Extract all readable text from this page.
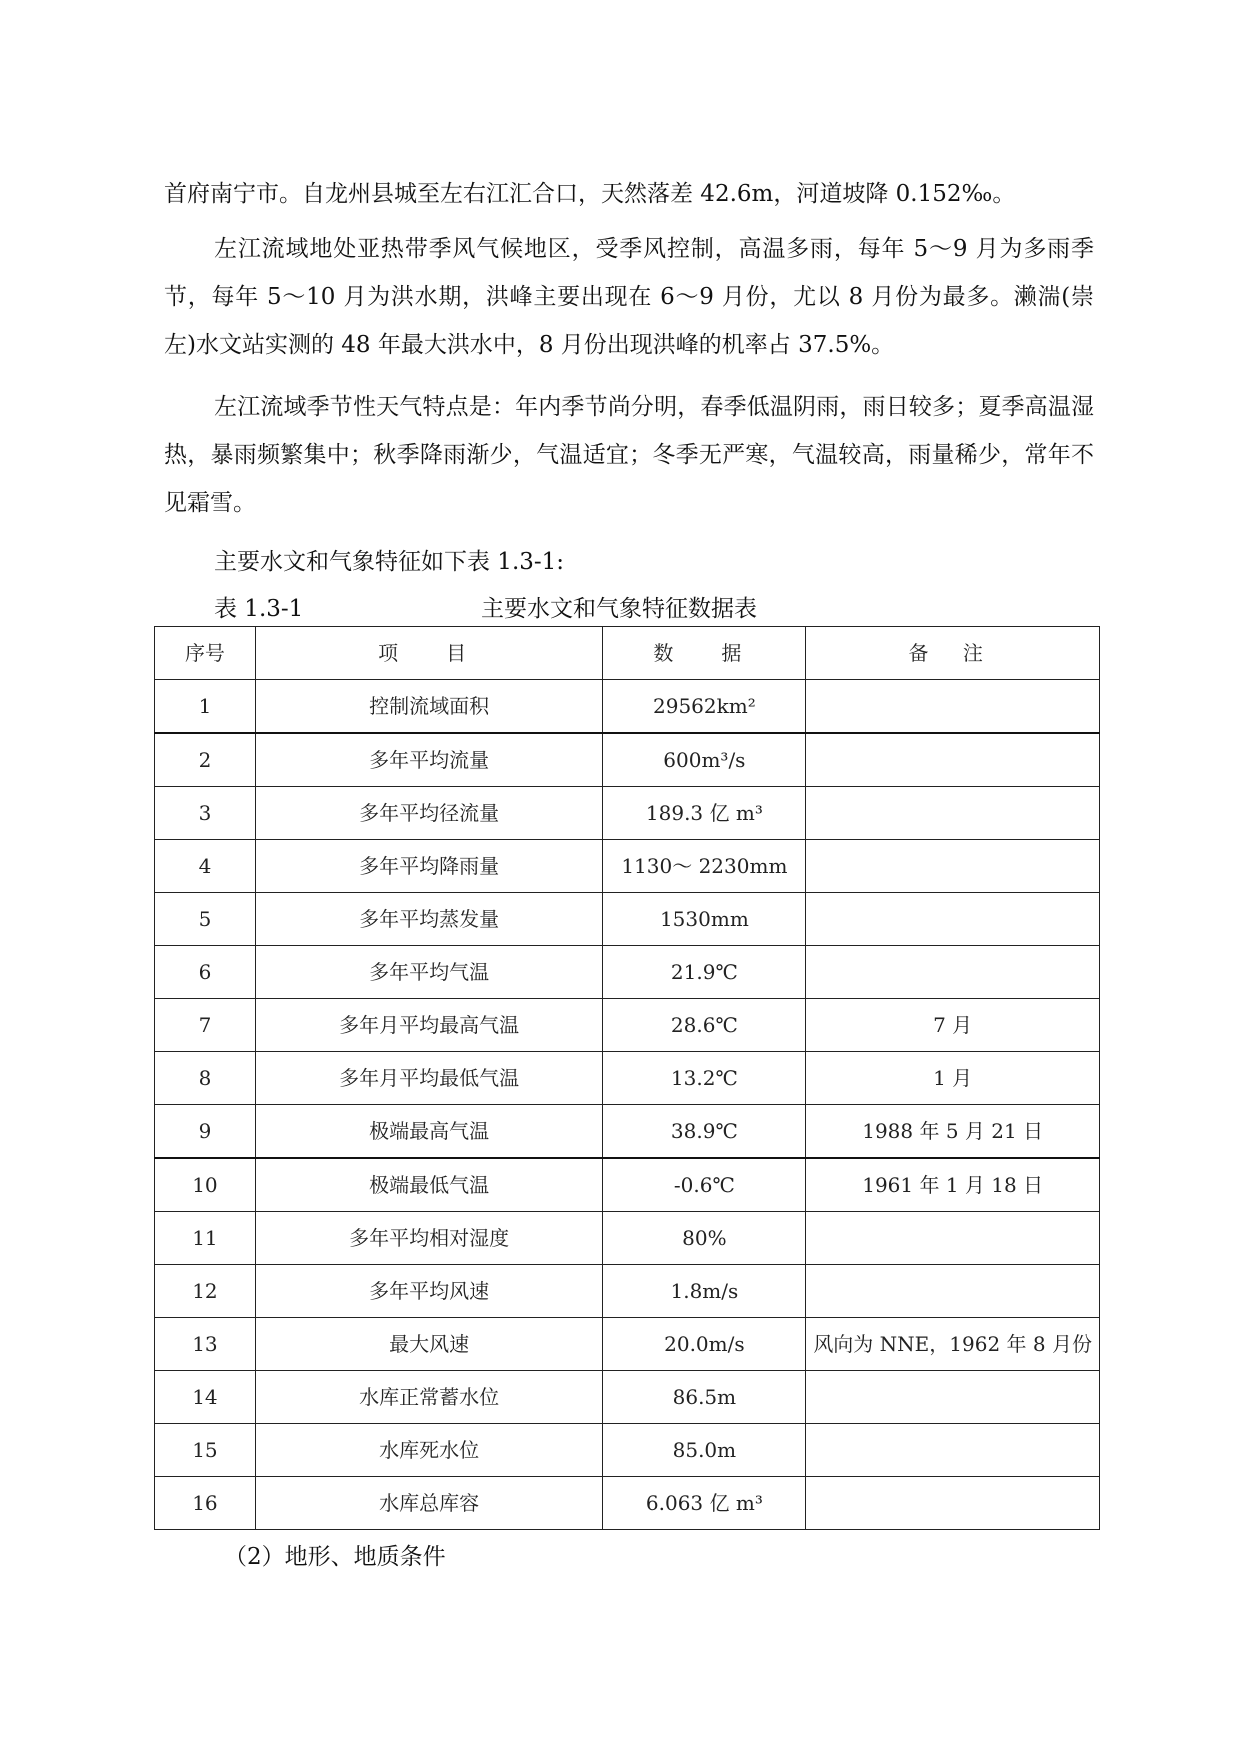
首府南宁市。自龙州县城至左右江汇合口，天然落差 42.6m，河道坡降 0.152‰。

左江流域地处亚热带季风气候地区，受季风控制，高温多雨，每年 5～9 月为多雨季节，每年 5～10 月为洪水期，洪峰主要出现在 6～9 月份，尤以 8 月份为最多。濑湍(崇左)水文站实测的 48 年最大洪水中，8 月份出现洪峰的机率占 37.5%。

左江流域季节性天气特点是：年内季节尚分明，春季低温阴雨，雨日较多；夏季高温湿热，暴雨频繁集中；秋季降雨渐少，气温适宜；冬季无严寒，气温较高，雨量稀少，常年不见霜雪。

主要水文和气象特征如下表 1.3-1:

表 1.3-1	主要水文和气象特征数据表
序号	项　目	数　据	备 注
1	控制流域面积	29562km²	
2	多年平均流量	600m³/s	
3	多年平均径流量	189.3 亿 m³	
4	多年平均降雨量	1130～ 2230mm	
5	多年平均蒸发量	1530mm	
6	多年平均气温	21.9℃	
7	多年月平均最高气温	28.6℃	7 月
8	多年月平均最低气温	13.2℃	1 月
9	极端最高气温	38.9℃	1988 年 5 月 21 日
10	极端最低气温	-0.6℃	1961 年 1 月 18 日
11	多年平均相对湿度	80%	
12	多年平均风速	1.8m/s	
13	最大风速	20.0m/s	风向为 NNE，1962 年 8 月份
14	水库正常蓄水位	86.5m	
15	水库死水位	85.0m	
16	水库总库容	6.063 亿 m³	
（2）地形、地质条件
